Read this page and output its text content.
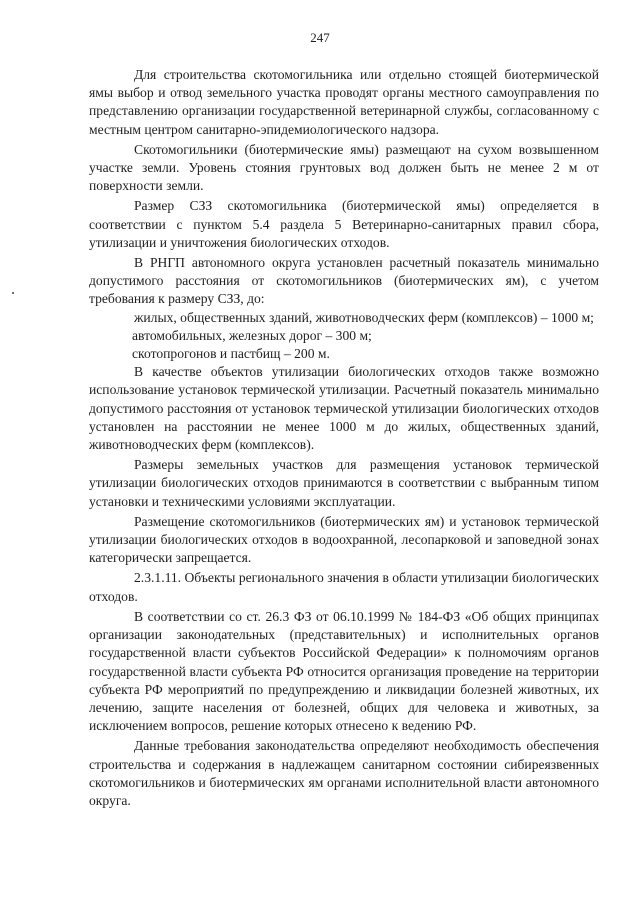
247

Для строительства скотомогильника или отдельно стоящей биотермической ямы выбор и отвод земельного участка проводят органы местного самоуправления по представлению организации государственной ветеринарной службы, согласованному с местным центром санитарно-эпидемиологического надзора.

Скотомогильники (биотермические ямы) размещают на сухом возвышенном участке земли. Уровень стояния грунтовых вод должен быть не менее 2 м от поверхности земли.

Размер СЗЗ скотомогильника (биотермической ямы) определяется в соответствии с пунктом 5.4 раздела 5 Ветеринарно-санитарных правил сбора, утилизации и уничтожения биологических отходов.

В РНГП автономного округа установлен расчетный показатель минимально допустимого расстояния от скотомогильников (биотермических ям), с учетом требования к размеру СЗЗ, до:

жилых, общественных зданий, животноводческих ферм (комплексов) – 1000 м;

автомобильных, железных дорог – 300 м;

скотопрогонов и пастбищ – 200 м.

В качестве объектов утилизации биологических отходов также возможно использование установок термической утилизации. Расчетный показатель минимально допустимого расстояния от установок термической утилизации биологических отходов установлен на расстоянии не менее 1000 м до жилых, общественных зданий, животноводческих ферм (комплексов).

Размеры земельных участков для размещения установок термической утилизации биологических отходов принимаются в соответствии с выбранным типом установки и техническими условиями эксплуатации.

Размещение скотомогильников (биотермических ям) и установок термической утилизации биологических отходов в водоохранной, лесопарковой и заповедной зонах категорически запрещается.

2.3.1.11. Объекты регионального значения в области утилизации биологических отходов.

В соответствии со ст. 26.3 ФЗ от 06.10.1999 № 184-ФЗ «Об общих принципах организации законодательных (представительных) и исполнительных органов государственной власти субъектов Российской Федерации» к полномочиям органов государственной власти субъекта РФ относится организация проведение на территории субъекта РФ мероприятий по предупреждению и ликвидации болезней животных, их лечению, защите населения от болезней, общих для человека и животных, за исключением вопросов, решение которых отнесено к ведению РФ.

Данные требования законодательства определяют необходимость обеспечения строительства и содержания в надлежащем санитарном состоянии сибиреязвенных скотомогильников и биотермических ям органами исполнительной власти автономного округа.
